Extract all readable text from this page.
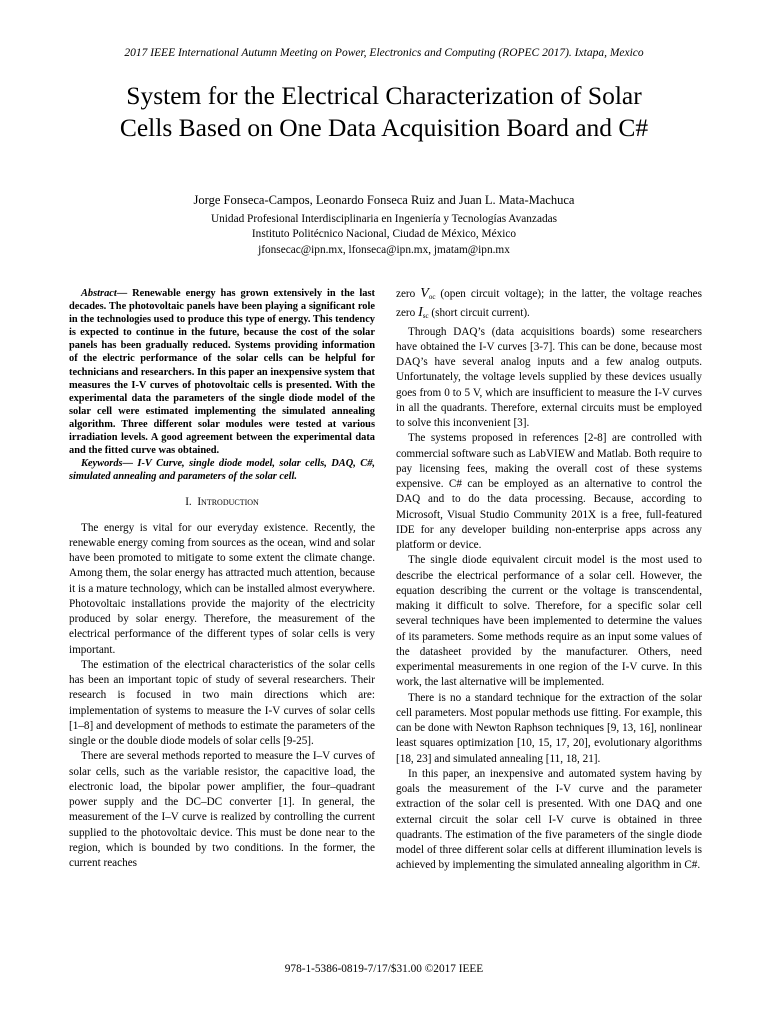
2017 IEEE International Autumn Meeting on Power, Electronics and Computing (ROPEC 2017). Ixtapa, Mexico
System for the Electrical Characterization of Solar
Cells Based on One Data Acquisition Board and C#
Jorge Fonseca-Campos, Leonardo Fonseca Ruiz and Juan L. Mata-Machuca
Unidad Profesional Interdisciplinaria en Ingeniería y Tecnologías Avanzadas
Instituto Politécnico Nacional, Ciudad de México, México
jfonsecac@ipn.mx, lfonseca@ipn.mx, jmatam@ipn.mx

Abstract— Renewable energy has grown extensively in the last decades. The photovoltaic panels have been playing a significant role in the technologies used to produce this type of energy. This tendency is expected to continue in the future, because the cost of the solar panels has been gradually reduced. Systems providing information of the electric performance of the solar cells can be helpful for technicians and researchers. In this paper an inexpensive system that measures the I-V curves of photovoltaic cells is presented. With the experimental data the parameters of the single diode model of the solar cell were estimated implementing the simulated annealing algorithm. Three different solar modules were tested at various irradiation levels. A good agreement between the experimental data and the fitted curve was obtained.

Keywords— I-V Curve, single diode model, solar cells, DAQ, C#, simulated annealing and parameters of the solar cell.

I. Introduction

The energy is vital for our everyday existence. Recently, the renewable energy coming from sources as the ocean, wind and solar have been promoted to mitigate to some extent the climate change. Among them, the solar energy has attracted much attention, because it is a mature technology, which can be installed almost everywhere. Photovoltaic installations provide the majority of the electricity produced by solar energy. Therefore, the measurement of the electrical performance of the different types of solar cells is very important.

The estimation of the electrical characteristics of the solar cells has been an important topic of study of several researchers. Their research is focused in two main directions which are: implementation of systems to measure the I-V curves of solar cells [1–8] and development of methods to estimate the parameters of the single or the double diode models of solar cells [9-25].

There are several methods reported to measure the I–V curves of solar cells, such as the variable resistor, the capacitive load, the electronic load, the bipolar power amplifier, the four–quadrant power supply and the DC–DC converter [1]. In general, the measurement of the I–V curve is realized by controlling the current supplied to the photovoltaic device. This must be done near to the region, which is bounded by two conditions. In the former, the current reaches

zero $V_{oc}$ (open circuit voltage); in the latter, the voltage reaches zero $I_{sc}$ (short circuit current).

Through DAQ’s (data acquisitions boards) some researchers have obtained the I-V curves [3-7]. This can be done, because most DAQ’s have several analog inputs and a few analog outputs. Unfortunately, the voltage levels supplied by these devices usually goes from 0 to 5 V, which are insufficient to measure the I-V curves in all the quadrants. Therefore, external circuits must be employed to solve this inconvenient [3].

The systems proposed in references [2-8] are controlled with commercial software such as LabVIEW and Matlab. Both require to pay licensing fees, making the overall cost of these systems expensive. C# can be employed as an alternative to control the DAQ and to do the data processing. Because, according to Microsoft, Visual Studio Community 201X is a free, full-featured IDE for any developer building non-enterprise apps across any platform or device.

The single diode equivalent circuit model is the most used to describe the electrical performance of a solar cell. However, the equation describing the current or the voltage is transcendental, making it difficult to solve. Therefore, for a specific solar cell several techniques have been implemented to determine the values of its parameters. Some methods require as an input some values of the datasheet provided by the manufacturer. Others, need experimental measurements in one region of the I-V curve. In this work, the last alternative will be implemented.

There is no a standard technique for the extraction of the solar cell parameters. Most popular methods use fitting. For example, this can be done with Newton Raphson techniques [9, 13, 16], nonlinear least squares optimization [10, 15, 17, 20], evolutionary algorithms [18, 23] and simulated annealing [11, 18, 21].

In this paper, an inexpensive and automated system having by goals the measurement of the I-V curve and the parameter extraction of the solar cell is presented. With one DAQ and one external circuit the solar cell I-V curve is obtained in three quadrants. The estimation of the five parameters of the single diode model of three different solar cells at different illumination levels is achieved by implementing the simulated annealing algorithm in C#.

978-1-5386-0819-7/17/$31.00 ©2017 IEEE
